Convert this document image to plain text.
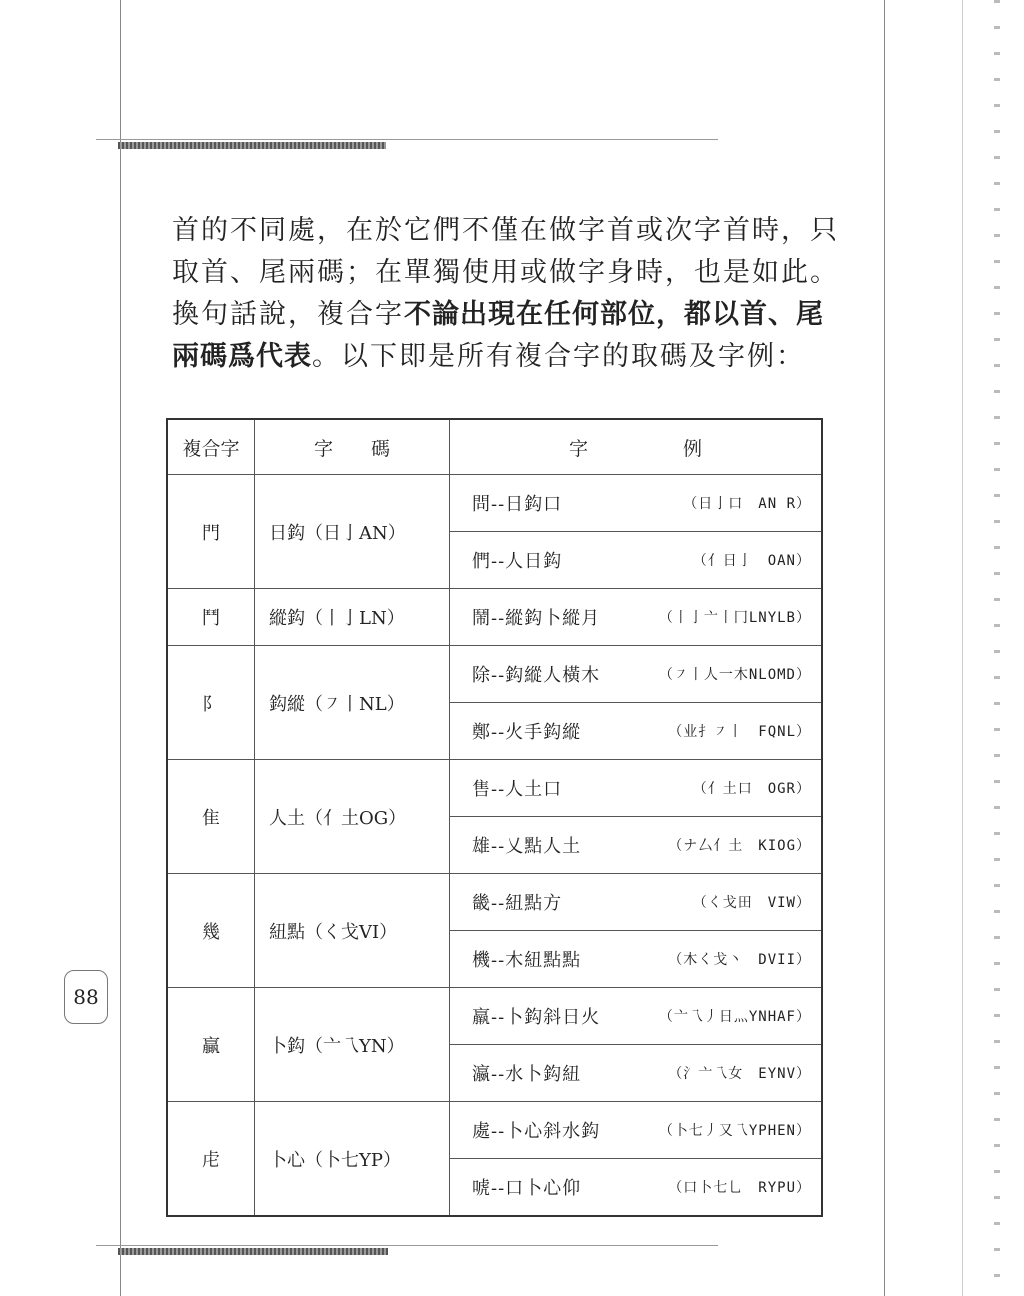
首的不同處，在於它們不僅在做字首或次字首時，只
取首、尾兩碼；在單獨使用或做字身時，也是如此。
換句話說，複合字不論出現在任何部位，都以首、尾
兩碼爲代表。以下即是所有複合字的取碼及字例：

複合字	字　　碼	字　　　　　例
門	日鈎（日亅AN）	問--日鈎口 （日亅口　AN R）

		們--人日鈎 （亻日亅　OAN）

鬥	縱鈎（丨亅LN）	鬧--縱鈎卜縱月 （丨亅亠丨冂LNYLB）

阝	鈎縱（㇇丨NL）	除--鈎縱人橫木 （㇇丨人一木NLOMD）

		鄭--火手鈎縱 （业扌㇇丨　FQNL）

隹	人土（亻土OG）	售--人土口 （亻土口　OGR）

		雄--乂點人土 （ナ厶亻土　KIOG）

幾	紐點（く戈VI）	畿--紐點方 （く戈田　VIW）

		機--木紐點點 （木く戈丶　DVII）

贏	卜鈎（亠乁YN）	羸--卜鈎斜日火 （亠乁丿日灬YNHAF）

		瀛--水卜鈎紐 （氵亠乁女　EYNV）

虍	卜心（卜七YP）	處--卜心斜水鈎 （卜七丿又乁YPHEN）

		唬--口卜心仰 （口卜七乚　RYPU）
88
